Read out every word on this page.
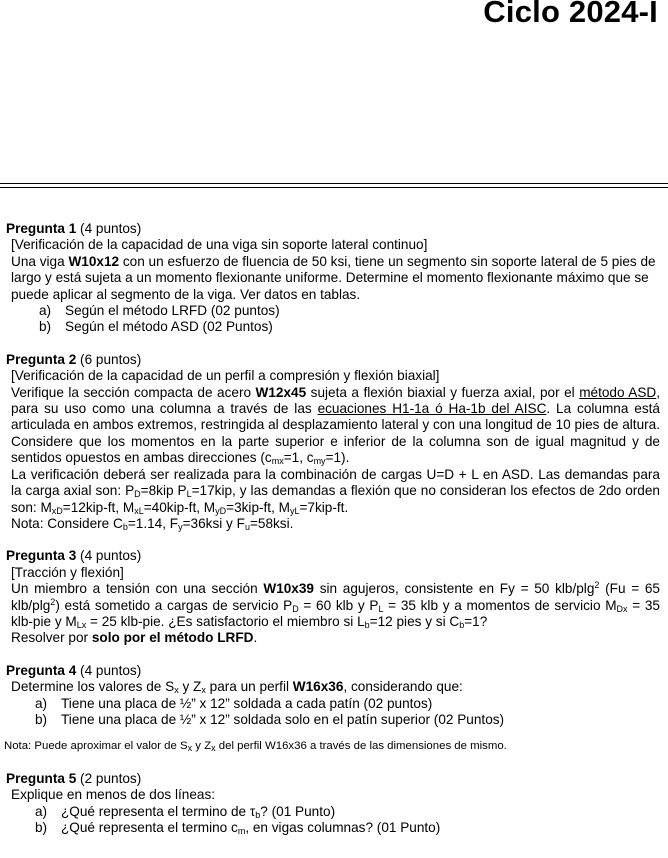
Ciclo 2024-I

Pregunta 1 (4 puntos)

[Verificación de la capacidad de una viga sin soporte lateral continuo]

Una viga W10x12 con un esfuerzo de fluencia de 50 ksi, tiene un segmento sin soporte lateral de 5 pies de largo y está sujeta a un momento flexionante uniforme. Determine el momento flexionante máximo que se puede aplicar al segmento de la viga. Ver datos en tablas.

a)	Según el método LRFD (02 puntos)
b)	Según el método ASD (02 Puntos)

Pregunta 2 (6 puntos)

[Verificación de la capacidad de un perfil a compresión y flexión biaxial]

Verifique la sección compacta de acero W12x45 sujeta a flexión biaxial y fuerza axial, por el método ASD, para su uso como una columna a través de las ecuaciones H1-1a ó Ha-1b del AISC. La columna está articulada en ambos extremos, restringida al desplazamiento lateral y con una longitud de 10 pies de altura. Considere que los momentos en la parte superior e inferior de la columna son de igual magnitud y de sentidos opuestos en ambas direcciones ($c_{mx}=1$, $c_{my}=1$).

La verificación deberá ser realizada para la combinación de cargas U=D + L en ASD. Las demandas para la carga axial son: $P_D=8kip$ $P_L=17kip$, y las demandas a flexión que no consideran los efectos de 2do orden son: $M_{xD}=12kip-ft$, $M_{xL}=40kip-ft$, $M_{yD}=3kip-ft$, $M_{yL}=7kip-ft$.

Nota: Considere $C_b=1.14$, $F_y=36ksi$ y $F_u=58ksi$.

Pregunta 3 (4 puntos)

[Tracción y flexión]

Un miembro a tensión con una sección W10x39 sin agujeros, consistente en Fy = 50 klb/plg$^2$ (Fu = 65 klb/plg$^2$) está sometido a cargas de servicio $P_D = 60$ klb y $P_L = 35$ klb y a momentos de servicio $M_{Dx} = 35$ klb-pie y $M_{Lx} = 25$ klb-pie. ¿Es satisfactorio el miembro si $L_b=12$ pies y si $C_b=1$?

Resolver por solo por el método LRFD.

Pregunta 4 (4 puntos)

Determine los valores de $S_x$ y $Z_x$ para un perfil W16x36, considerando que:

a)	Tiene una placa de ½” x 12” soldada a cada patín (02 puntos)
b)	Tiene una placa de ½” x 12” soldada solo en el patín superior (02 Puntos)

Nota: Puede aproximar el valor de $S_x$ y $Z_x$ del perfil W16x36 a través de las dimensiones de mismo.

Pregunta 5 (2 puntos)

Explique en menos de dos líneas:

a)	¿Qué representa el termino de $\tau_b$? (01 Punto)
b)	¿Qué representa el termino $c_m$, en vigas columnas? (01 Punto)
